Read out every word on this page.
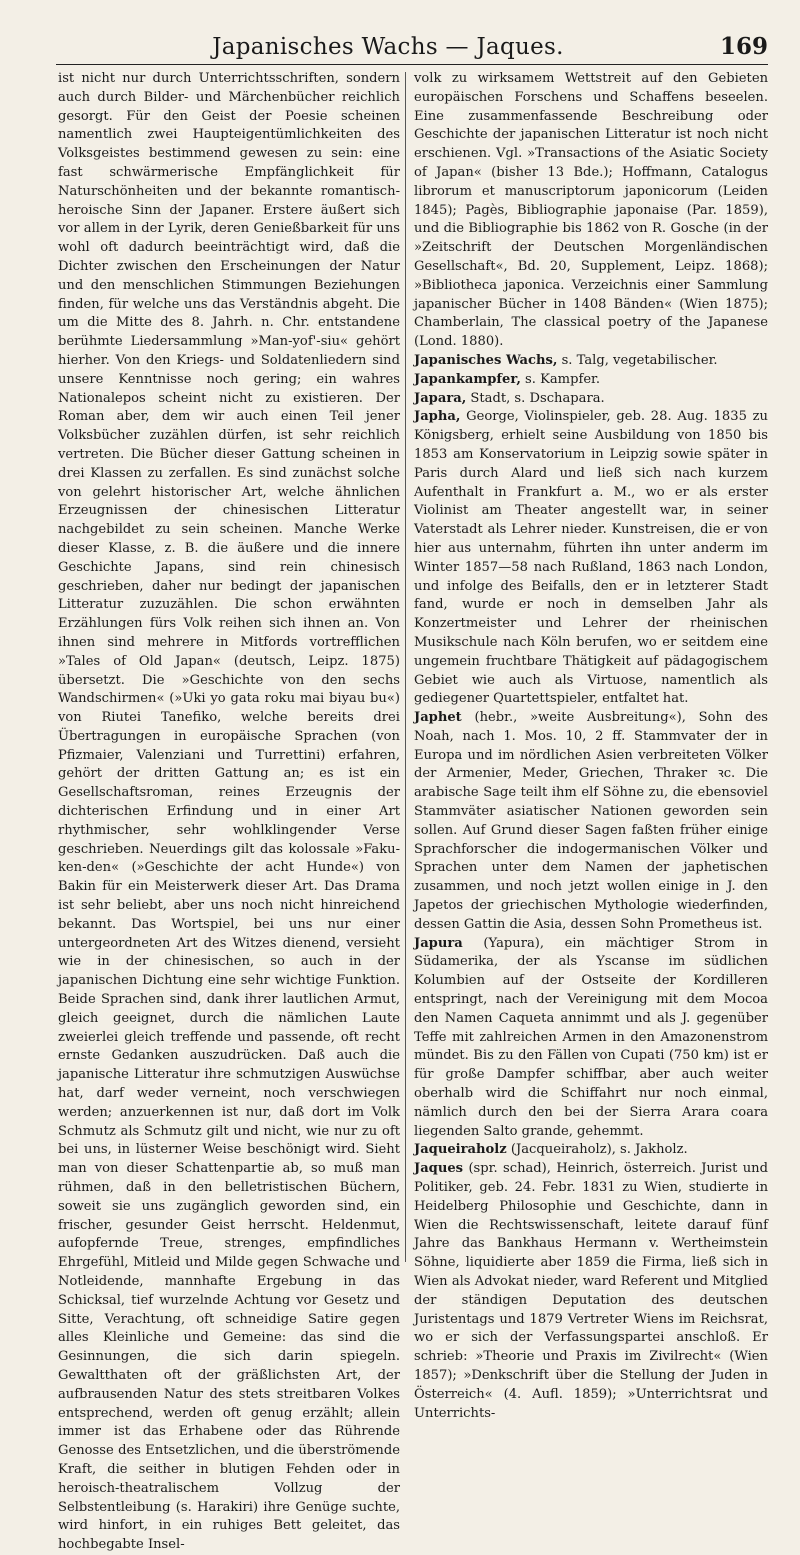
Japanisches Wachs — Jaques.	169

ist nicht nur durch Unterrichtsschriften, sondern auch durch Bilder- und Märchenbücher reichlich gesorgt. Für den Geist der Poesie scheinen namentlich zwei Haupteigentümlichkeiten des Volksgeistes bestimmend gewesen zu sein: eine fast schwärmerische Empfänglichkeit für Naturschönheiten und der bekannte romantisch-heroische Sinn der Japaner. Erstere äußert sich vor allem in der Lyrik, deren Genießbarkeit für uns wohl oft dadurch beeinträchtigt wird, daß die Dichter zwischen den Erscheinungen der Natur und den menschlichen Stimmungen Beziehungen finden, für welche uns das Verständnis abgeht. Die um die Mitte des 8. Jahrh. n. Chr. entstandene berühmte Liedersammlung »Man-yof'-siu« gehört hierher. Von den Kriegs- und Soldatenliedern sind unsere Kenntnisse noch gering; ein wahres Nationalepos scheint nicht zu existieren. Der Roman aber, dem wir auch einen Teil jener Volksbücher zuzählen dürfen, ist sehr reichlich vertreten. Die Bücher dieser Gattung scheinen in drei Klassen zu zerfallen. Es sind zunächst solche von gelehrt historischer Art, welche ähnlichen Erzeugnissen der chinesischen Litteratur nachgebildet zu sein scheinen. Manche Werke dieser Klasse, z. B. die äußere und die innere Geschichte Japans, sind rein chinesisch geschrieben, daher nur bedingt der japanischen Litteratur zuzuzählen. Die schon erwähnten Erzählungen fürs Volk reihen sich ihnen an. Von ihnen sind mehrere in Mitfords vortrefflichen »Tales of Old Japan« (deutsch, Leipz. 1875) übersetzt. Die »Geschichte von den sechs Wandschirmen« (»Uki yo gata roku mai biyau bu«) von Riutei Tanefiko, welche bereits drei Übertragungen in europäische Sprachen (von Pfizmaier, Valenziani und Turrettini) erfahren, gehört der dritten Gattung an; es ist ein Gesellschaftsroman, reines Erzeugnis der dichterischen Erfindung und in einer Art rhythmischer, sehr wohlklingender Verse geschrieben. Neuerdings gilt das kolossale »Faku-ken-den« (»Geschichte der acht Hunde«) von Bakin für ein Meisterwerk dieser Art. Das Drama ist sehr beliebt, aber uns noch nicht hinreichend bekannt. Das Wortspiel, bei uns nur einer untergeordneten Art des Witzes dienend, versieht wie in der chinesischen, so auch in der japanischen Dichtung eine sehr wichtige Funktion. Beide Sprachen sind, dank ihrer lautlichen Armut, gleich geeignet, durch die nämlichen Laute zweierlei gleich treffende und passende, oft recht ernste Gedanken auszudrücken. Daß auch die japanische Litteratur ihre schmutzigen Auswüchse hat, darf weder verneint, noch verschwiegen werden; anzuerkennen ist nur, daß dort im Volk Schmutz als Schmutz gilt und nicht, wie nur zu oft bei uns, in lüsterner Weise beschönigt wird. Sieht man von dieser Schattenpartie ab, so muß man rühmen, daß in den belletristischen Büchern, soweit sie uns zugänglich geworden sind, ein frischer, gesunder Geist herrscht. Heldenmut, aufopfernde Treue, strenges, empfindliches Ehrgefühl, Mitleid und Milde gegen Schwache und Notleidende, mannhafte Ergebung in das Schicksal, tief wurzelnde Achtung vor Gesetz und Sitte, Verachtung, oft schneidige Satire gegen alles Kleinliche und Gemeine: das sind die Gesinnungen, die sich darin spiegeln. Gewaltthaten oft der gräßlichsten Art, der aufbrausenden Natur des stets streitbaren Volkes entsprechend, werden oft genug erzählt; allein immer ist das Erhabene oder das Rührende Genosse des Entsetzlichen, und die überströmende Kraft, die seither in blutigen Fehden oder in heroisch-theatralischem Vollzug der Selbstentleibung (s. Harakiri) ihre Genüge suchte, wird hinfort, in ein ruhiges Bett geleitet, das hochbegabte Insel-

volk zu wirksamem Wettstreit auf den Gebieten europäischen Forschens und Schaffens beseelen. Eine zusammenfassende Beschreibung oder Geschichte der japanischen Litteratur ist noch nicht erschienen. Vgl. »Transactions of the Asiatic Society of Japan« (bisher 13 Bde.); Hoffmann, Catalogus librorum et manuscriptorum japonicorum (Leiden 1845); Pagès, Bibliographie japonaise (Par. 1859), und die Bibliographie bis 1862 von R. Gosche (in der »Zeitschrift der Deutschen Morgenländischen Gesellschaft«, Bd. 20, Supplement, Leipz. 1868); »Bibliotheca japonica. Verzeichnis einer Sammlung japanischer Bücher in 1408 Bänden« (Wien 1875); Chamberlain, The classical poetry of the Japanese (Lond. 1880).

Japanisches Wachs, s. Talg, vegetabilischer.

Japankampfer, s. Kampfer.

Japara, Stadt, s. Dschapara.

Japha, George, Violinspieler, geb. 28. Aug. 1835 zu Königsberg, erhielt seine Ausbildung von 1850 bis 1853 am Konservatorium in Leipzig sowie später in Paris durch Alard und ließ sich nach kurzem Aufenthalt in Frankfurt a. M., wo er als erster Violinist am Theater angestellt war, in seiner Vaterstadt als Lehrer nieder. Kunstreisen, die er von hier aus unternahm, führten ihn unter anderm im Winter 1857—58 nach Rußland, 1863 nach London, und infolge des Beifalls, den er in letzterer Stadt fand, wurde er noch in demselben Jahr als Konzertmeister und Lehrer der rheinischen Musikschule nach Köln berufen, wo er seitdem eine ungemein fruchtbare Thätigkeit auf pädagogischem Gebiet wie auch als Virtuose, namentlich als gediegener Quartettspieler, entfaltet hat.

Japhet (hebr., »weite Ausbreitung«), Sohn des Noah, nach 1. Mos. 10, 2 ff. Stammvater der in Europa und im nördlichen Asien verbreiteten Völker der Armenier, Meder, Griechen, Thraker ꝛc. Die arabische Sage teilt ihm elf Söhne zu, die ebensoviel Stammväter asiatischer Nationen geworden sein sollen. Auf Grund dieser Sagen faßten früher einige Sprachforscher die indogermanischen Völker und Sprachen unter dem Namen der japhetischen zusammen, und noch jetzt wollen einige in J. den Japetos der griechischen Mythologie wiederfinden, dessen Gattin die Asia, dessen Sohn Prometheus ist.

Japura (Yapura), ein mächtiger Strom in Südamerika, der als Yscanse im südlichen Kolumbien auf der Ostseite der Kordilleren entspringt, nach der Vereinigung mit dem Mocoa den Namen Caqueta annimmt und als J. gegenüber Teffe mit zahlreichen Armen in den Amazonenstrom mündet. Bis zu den Fällen von Cupati (750 km) ist er für große Dampfer schiffbar, aber auch weiter oberhalb wird die Schiffahrt nur noch einmal, nämlich durch den bei der Sierra Arara coara liegenden Salto grande, gehemmt.

Jaqueiraholz (Jacqueiraholz), s. Jakholz.

Jaques (spr. schad), Heinrich, österreich. Jurist und Politiker, geb. 24. Febr. 1831 zu Wien, studierte in Heidelberg Philosophie und Geschichte, dann in Wien die Rechtswissenschaft, leitete darauf fünf Jahre das Bankhaus Hermann v. Wertheimstein Söhne, liquidierte aber 1859 die Firma, ließ sich in Wien als Advokat nieder, ward Referent und Mitglied der ständigen Deputation des deutschen Juristentags und 1879 Vertreter Wiens im Reichsrat, wo er sich der Verfassungspartei anschloß. Er schrieb: »Theorie und Praxis im Zivilrecht« (Wien 1857); »Denkschrift über die Stellung der Juden in Österreich« (4. Aufl. 1859); »Unterrichtsrat und Unterrichts-
